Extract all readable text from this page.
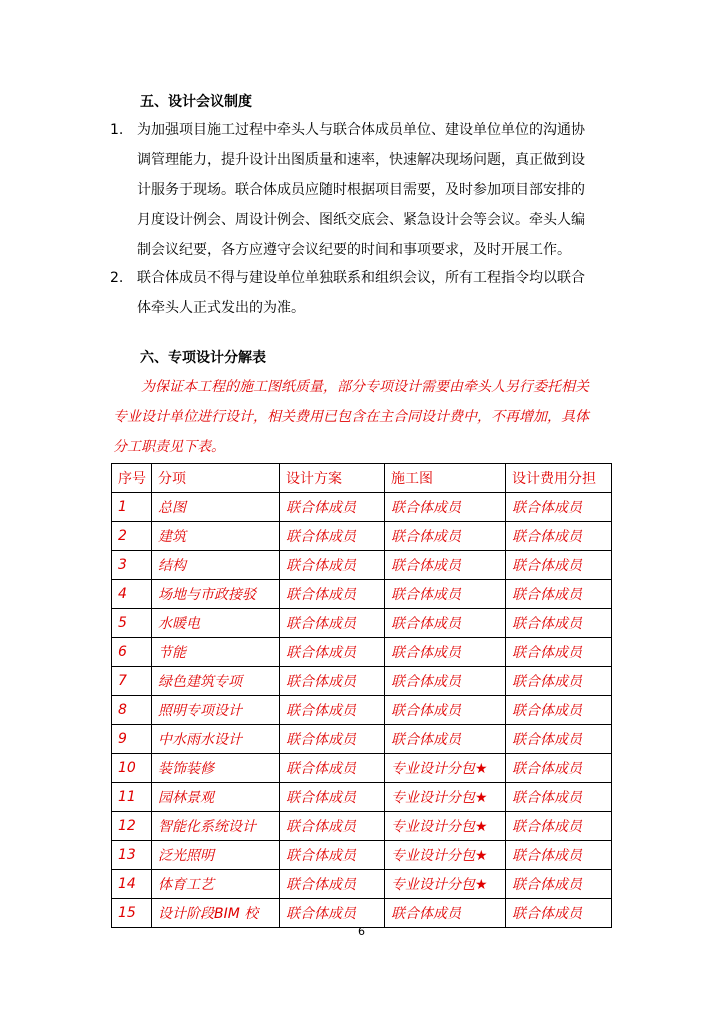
五、设计会议制度
1. 为加强项目施工过程中牵头人与联合体成员单位、建设单位单位的沟通协
调管理能力，提升设计出图质量和速率，快速解决现场问题，真正做到设
计服务于现场。联合体成员应随时根据项目需要，及时参加项目部安排的
月度设计例会、周设计例会、图纸交底会、紧急设计会等会议。牵头人编
制会议纪要，各方应遵守会议纪要的时间和事项要求，及时开展工作。
2. 联合体成员不得与建设单位单独联系和组织会议，所有工程指令均以联合
体牵头人正式发出的为准。
六、专项设计分解表
为保证本工程的施工图纸质量，部分专项设计需要由牵头人另行委托相关
专业设计单位进行设计，相关费用已包含在主合同设计费中，不再增加，具体
分工职责见下表。
序号	分项	设计方案	施工图	设计费用分担
1	总图	联合体成员	联合体成员	联合体成员
2	建筑	联合体成员	联合体成员	联合体成员
3	结构	联合体成员	联合体成员	联合体成员
4	场地与市政接驳	联合体成员	联合体成员	联合体成员
5	水暖电	联合体成员	联合体成员	联合体成员
6	节能	联合体成员	联合体成员	联合体成员
7	绿色建筑专项	联合体成员	联合体成员	联合体成员
8	照明专项设计	联合体成员	联合体成员	联合体成员
9	中水雨水设计	联合体成员	联合体成员	联合体成员
10	装饰装修	联合体成员	专业设计分包★	联合体成员
11	园林景观	联合体成员	专业设计分包★	联合体成员
12	智能化系统设计	联合体成员	专业设计分包★	联合体成员
13	泛光照明	联合体成员	专业设计分包★	联合体成员
14	体育工艺	联合体成员	专业设计分包★	联合体成员
15	设计阶段BIM 校	联合体成员	联合体成员	联合体成员
6
